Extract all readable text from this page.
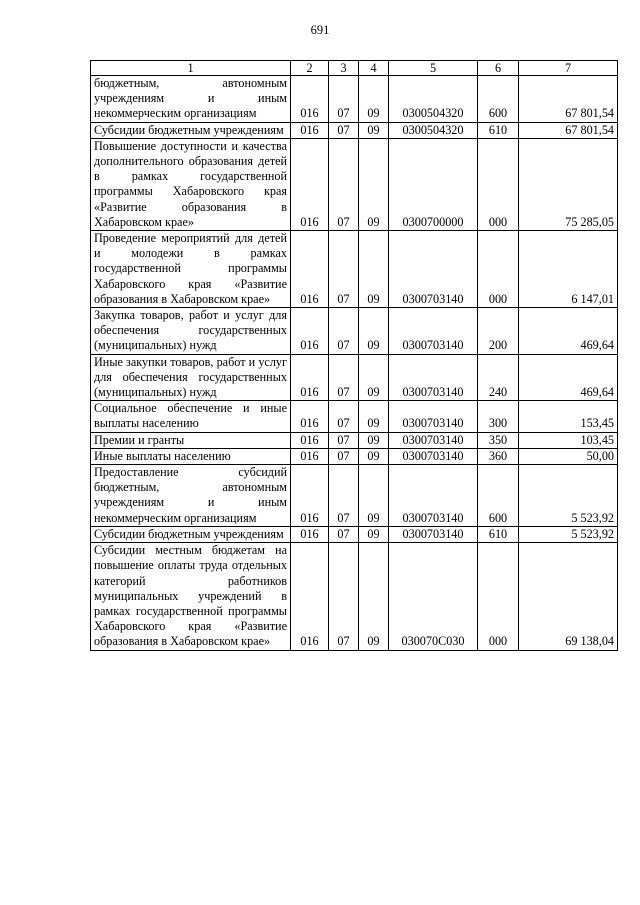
691
1	2	3	4	5	6	7
бюджетным, автономным учреждениям и иным некоммерческим организациям	016	07	09	0300504320	600	67 801,54
Субсидии бюджетным учреждениям	016	07	09	0300504320	610	67 801,54
Повышение доступности и качества дополнительного образования детей в рамках государственной программы Хабаровского края «Развитие образования в Хабаровском крае»	016	07	09	0300700000	000	75 285,05
Проведение мероприятий для детей и молодежи в рамках государственной программы Хабаровского края «Развитие образования в Хабаровском крае»	016	07	09	0300703140	000	6 147,01
Закупка товаров, работ и услуг для обеспечения государственных (муниципальных) нужд	016	07	09	0300703140	200	469,64
Иные закупки товаров, работ и услуг для обеспечения государственных (муниципальных) нужд	016	07	09	0300703140	240	469,64
Социальное обеспечение и иные выплаты населению	016	07	09	0300703140	300	153,45
Премии и гранты	016	07	09	0300703140	350	103,45
Иные выплаты населению	016	07	09	0300703140	360	50,00
Предоставление субсидий бюджетным, автономным учреждениям и иным некоммерческим организациям	016	07	09	0300703140	600	5 523,92
Субсидии бюджетным учреждениям	016	07	09	0300703140	610	5 523,92
Субсидии местным бюджетам на повышение оплаты труда отдельных категорий работников муниципальных учреждений в рамках государственной программы Хабаровского края «Развитие образования в Хабаровском крае»	016	07	09	030070С030	000	69 138,04
